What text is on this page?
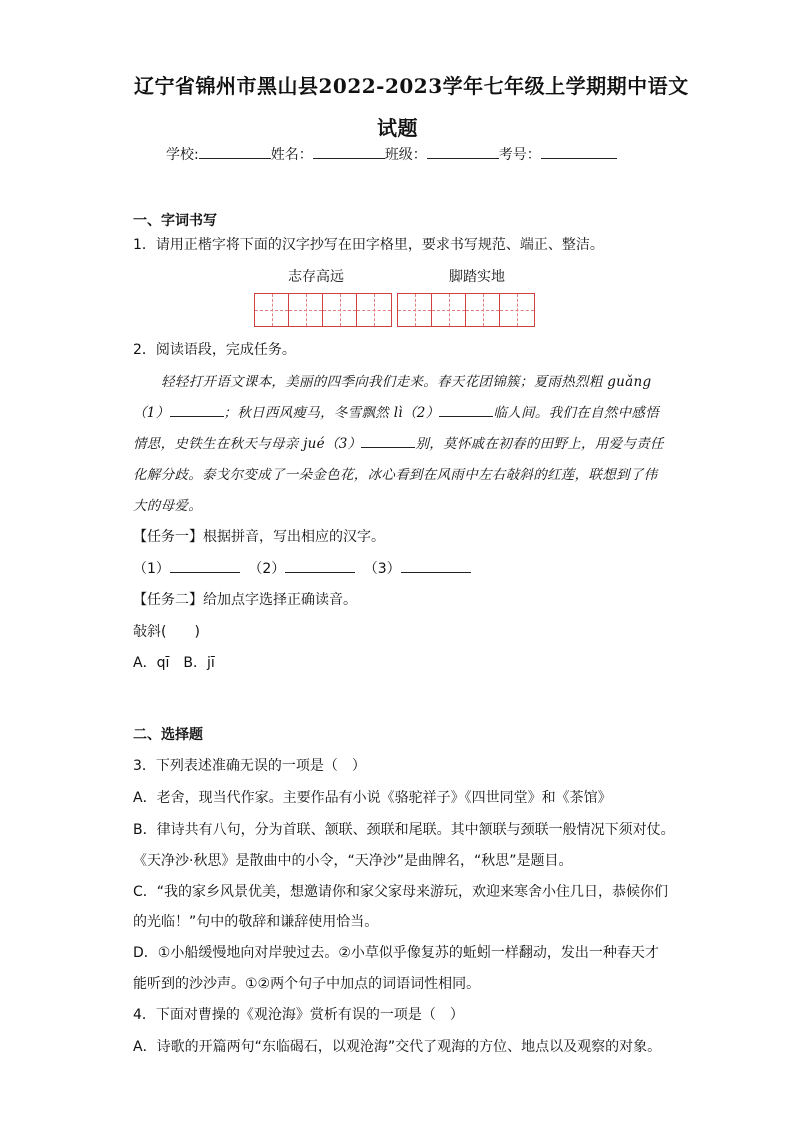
辽宁省锦州市黑山县2022-2023学年七年级上学期期中语文
试题
学校:	姓名：	班级：	考号：
一、字词书写
1．请用正楷字将下面的汉字抄写在田字格里，要求书写规范、端正、整洁。
志存高远	脚踏实地
2．阅读语段，完成任务。
轻轻打开语文课本，美丽的四季向我们走来。春天花团锦簇；夏雨热烈粗 guǎng
（1）	；秋日西风瘦马，冬雪飘然 lì（2）	临人间。我们在自然中感悟
情思，史铁生在秋天与母亲 jué（3）	别，莫怀戚在初春的田野上，用爱与责任
化解分歧。泰戈尔变成了一朵金色花，冰心看到在风雨中左右敧斜的红莲，联想到了伟
大的母爱。
【任务一】根据拼音，写出相应的汉字。
（1）	（2）	（3）
【任务二】给加点字选择正确读音。
敧斜(　　)
A．qī　B．jī
二、选择题
3．下列表述准确无误的一项是（　）
A．老舍，现当代作家。主要作品有小说《骆驼祥子》《四世同堂》和《茶馆》
B．律诗共有八句，分为首联、颔联、颈联和尾联。其中颔联与颈联一般情况下须对仗。
《天净沙·秋思》是散曲中的小令，“天净沙”是曲牌名，“秋思”是题目。
C．“我的家乡风景优美，想邀请你和家父家母来游玩，欢迎来寒舍小住几日，恭候你们
的光临！”句中的敬辞和谦辞使用恰当。
D．①小船缓慢地向对岸驶过去。②小草似乎像复苏的蚯蚓一样翻动，发出一种春天才
能听到的沙沙声。①②两个句子中加点的词语词性相同。
4．下面对曹操的《观沧海》赏析有误的一项是（　）
A．诗歌的开篇两句“东临碣石，以观沧海”交代了观海的方位、地点以及观察的对象。
